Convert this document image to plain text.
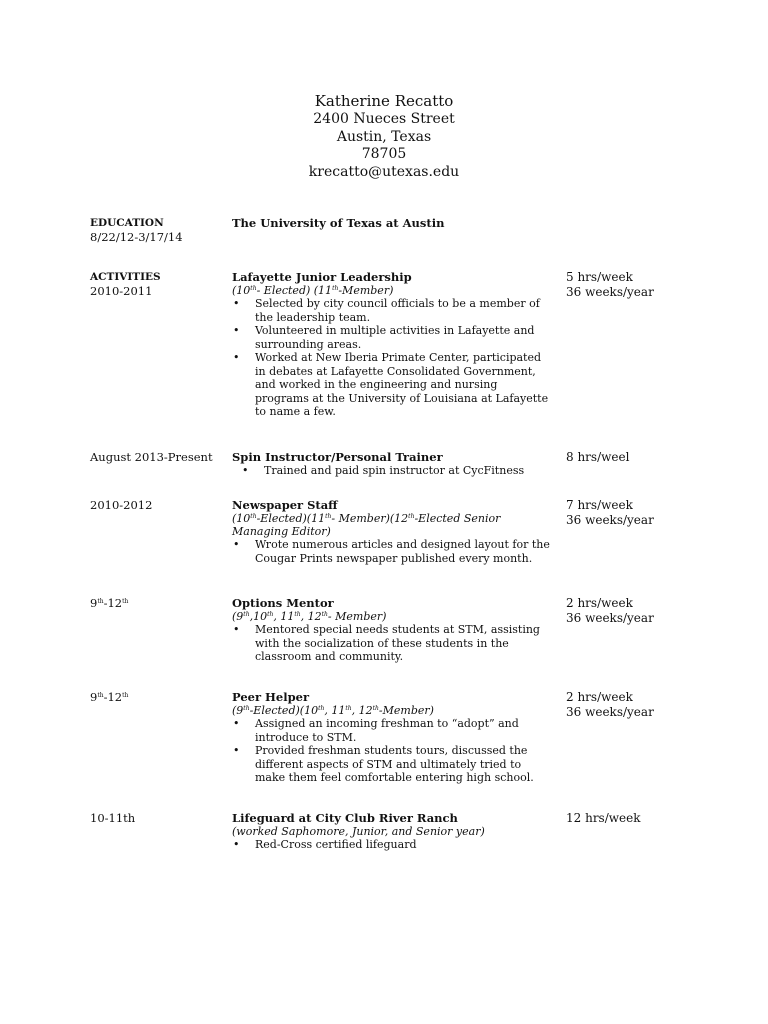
Katherine Recatto
2400 Nueces Street
Austin, Texas
78705
krecatto@utexas.edu
EDUCATION
8/22/12-3/17/14
The University of Texas at Austin
ACTIVITIES
2010-2011
Lafayette Junior Leadership
(10th- Elected) (11th-Member)
• Selected by city council officials to be a member of the leadership team.
• Volunteered in multiple activities in Lafayette and surrounding areas.
• Worked at New Iberia Primate Center, participated in debates at Lafayette Consolidated Government, and worked in the engineering and nursing programs at the University of Louisiana at Lafayette to name a few.
5 hrs/week
36 weeks/year
August 2013-Present	Spin Instructor/Personal Trainer
• Trained and paid spin instructor at CycFitness
8 hrs/weel
2010-2012	Newspaper Staff
(10th-Elected)(11th- Member)(12th-Elected Senior Managing Editor)
• Wrote numerous articles and designed layout for the Cougar Prints newspaper published every month.
7 hrs/week
36 weeks/year
9th-12th	Options Mentor
(9th,10th, 11th, 12th- Member)
• Mentored special needs students at STM, assisting with the socialization of these students in the classroom and community.
2 hrs/week
36 weeks/year
9th-12th	Peer Helper
(9th-Elected)(10th, 11th, 12th-Member)
• Assigned an incoming freshman to “adopt” and introduce to STM.
• Provided freshman students tours, discussed the different aspects of STM and ultimately tried to make them feel comfortable entering high school.
2 hrs/week
36 weeks/year
10-11th	Lifeguard at City Club River Ranch
(worked Saphomore, Junior, and Senior year)
• Red-Cross certified lifeguard
12 hrs/week
